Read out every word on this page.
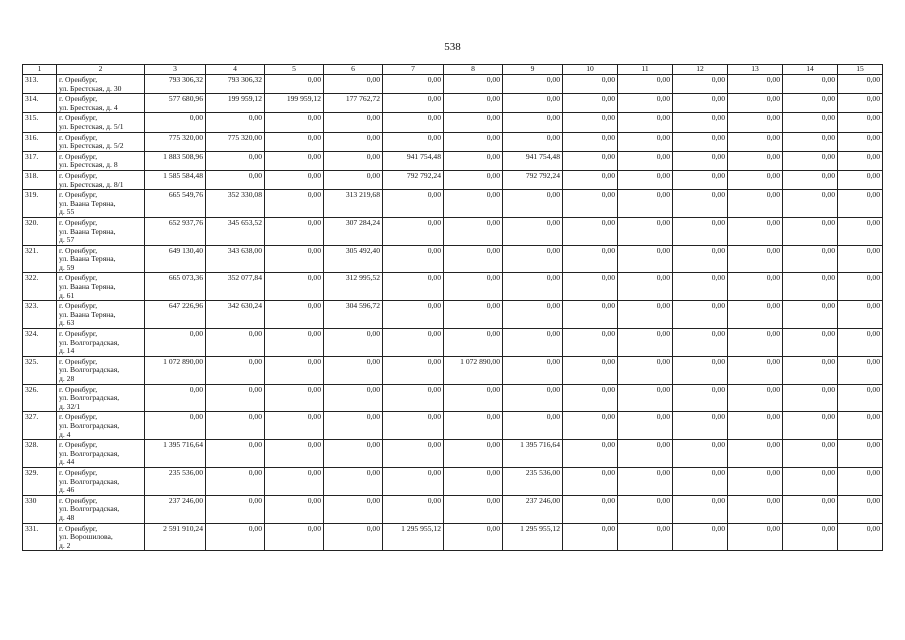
538
1	2	3	4	5	6	7	8	9	10	11	12	13	14	15
313.	г. Оренбург,
ул. Брестская, д. 30	793 306,32	793 306,32	0,00	0,00	0,00	0,00	0,00	0,00	0,00	0,00	0,00	0,00	0,00
314.	г. Оренбург,
ул. Брестская, д. 4	577 680,96	199 959,12	199 959,12	177 762,72	0,00	0,00	0,00	0,00	0,00	0,00	0,00	0,00	0,00
315.	г. Оренбург,
ул. Брестская, д. 5/1	0,00	0,00	0,00	0,00	0,00	0,00	0,00	0,00	0,00	0,00	0,00	0,00	0,00
316.	г. Оренбург,
ул. Брестская, д. 5/2	775 320,00	775 320,00	0,00	0,00	0,00	0,00	0,00	0,00	0,00	0,00	0,00	0,00	0,00
317.	г. Оренбург,
ул. Брестская, д. 8	1 883 508,96	0,00	0,00	0,00	941 754,48	0,00	941 754,48	0,00	0,00	0,00	0,00	0,00	0,00
318.	г. Оренбург,
ул. Брестская, д. 8/1	1 585 584,48	0,00	0,00	0,00	792 792,24	0,00	792 792,24	0,00	0,00	0,00	0,00	0,00	0,00
319.	г. Оренбург,
ул. Ваана Теряна,
д. 55	665 549,76	352 330,08	0,00	313 219,68	0,00	0,00	0,00	0,00	0,00	0,00	0,00	0,00	0,00
320.	г. Оренбург,
ул. Ваана Теряна,
д. 57	652 937,76	345 653,52	0,00	307 284,24	0,00	0,00	0,00	0,00	0,00	0,00	0,00	0,00	0,00
321.	г. Оренбург,
ул. Ваана Теряна,
д. 59	649 130,40	343 638,00	0,00	305 492,40	0,00	0,00	0,00	0,00	0,00	0,00	0,00	0,00	0,00
322.	г. Оренбург,
ул. Ваана Теряна,
д. 61	665 073,36	352 077,84	0,00	312 995,52	0,00	0,00	0,00	0,00	0,00	0,00	0,00	0,00	0,00
323.	г. Оренбург,
ул. Ваана Теряна,
д. 63	647 226,96	342 630,24	0,00	304 596,72	0,00	0,00	0,00	0,00	0,00	0,00	0,00	0,00	0,00
324.	г. Оренбург,
ул. Волгоградская,
д. 14	0,00	0,00	0,00	0,00	0,00	0,00	0,00	0,00	0,00	0,00	0,00	0,00	0,00
325.	г. Оренбург,
ул. Волгоградская,
д. 28	1 072 890,00	0,00	0,00	0,00	0,00	1 072 890,00	0,00	0,00	0,00	0,00	0,00	0,00	0,00
326.	г. Оренбург,
ул. Волгоградская,
д. 32/1	0,00	0,00	0,00	0,00	0,00	0,00	0,00	0,00	0,00	0,00	0,00	0,00	0,00
327.	г. Оренбург,
ул. Волгоградская,
д. 4	0,00	0,00	0,00	0,00	0,00	0,00	0,00	0,00	0,00	0,00	0,00	0,00	0,00
328.	г. Оренбург,
ул. Волгоградская,
д. 44	1 395 716,64	0,00	0,00	0,00	0,00	0,00	1 395 716,64	0,00	0,00	0,00	0,00	0,00	0,00
329.	г. Оренбург,
ул. Волгоградская,
д. 46	235 536,00	0,00	0,00	0,00	0,00	0,00	235 536,00	0,00	0,00	0,00	0,00	0,00	0,00
330	г. Оренбург,
ул. Волгоградская,
д. 48	237 246,00	0,00	0,00	0,00	0,00	0,00	237 246,00	0,00	0,00	0,00	0,00	0,00	0,00
331.	г. Оренбург,
ул. Ворошилова,
д. 2	2 591 910,24	0,00	0,00	0,00	1 295 955,12	0,00	1 295 955,12	0,00	0,00	0,00	0,00	0,00	0,00
